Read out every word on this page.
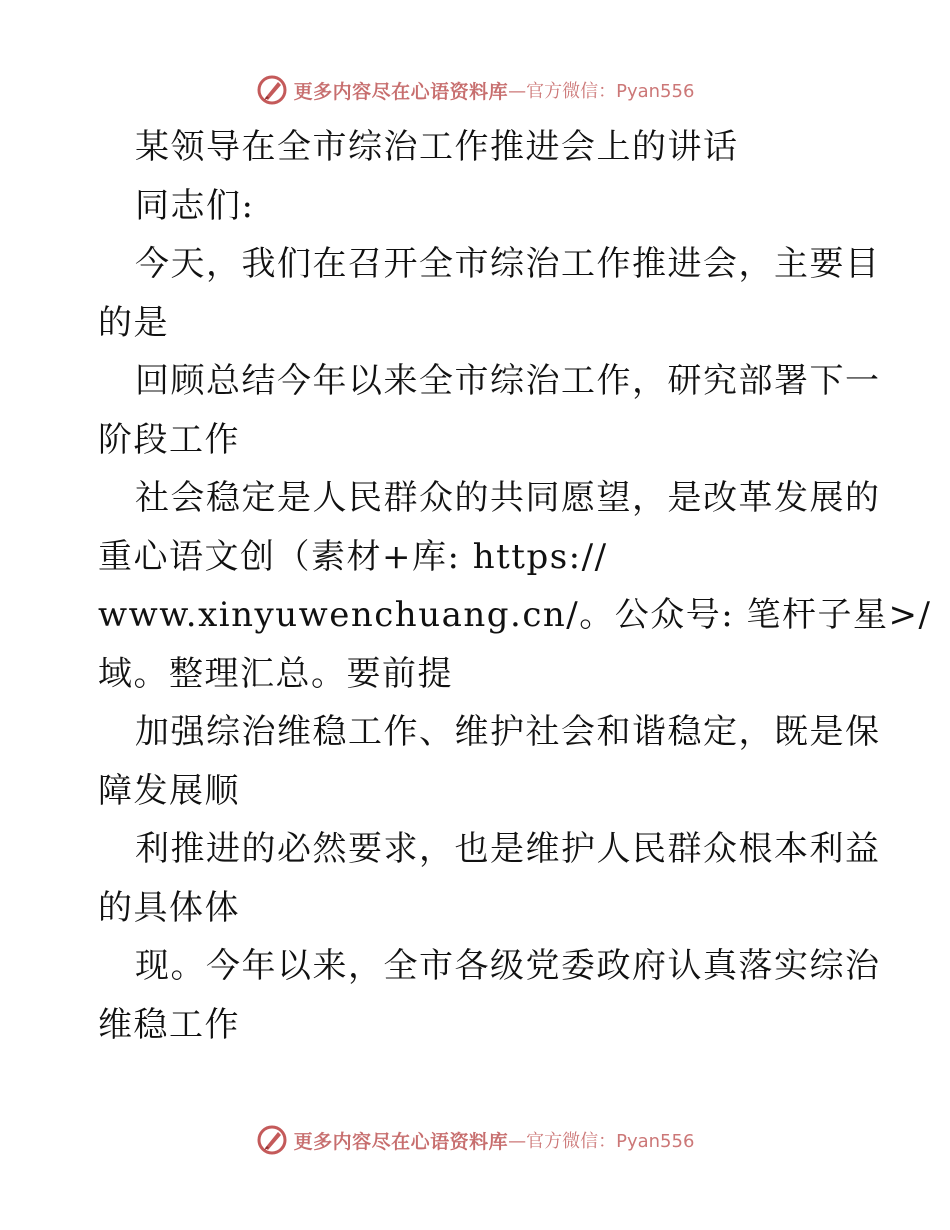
更多内容尽在心语资料库 —官方微信：Pyan556
某领导在全市综治工作推进会上的讲话
同志们:
今天，我们在召开全市综治工作推进会，主要目
的是
回顾总结今年以来全市综治工作，研究部署下一
阶段工作
社会稳定是人民群众的共同愿望，是改革发展的
重心语文创（素材+库: https://
www.xinyuwenchuang.cn/。公众号: 笔杆子星>/
域。整理汇总。要前提
加强综治维稳工作、维护社会和谐稳定，既是保
障发展顺
利推进的必然要求，也是维护人民群众根本利益
的具体体
现。今年以来，全市各级党委政府认真落实综治
维稳工作
更多内容尽在心语资料库 —官方微信：Pyan556
